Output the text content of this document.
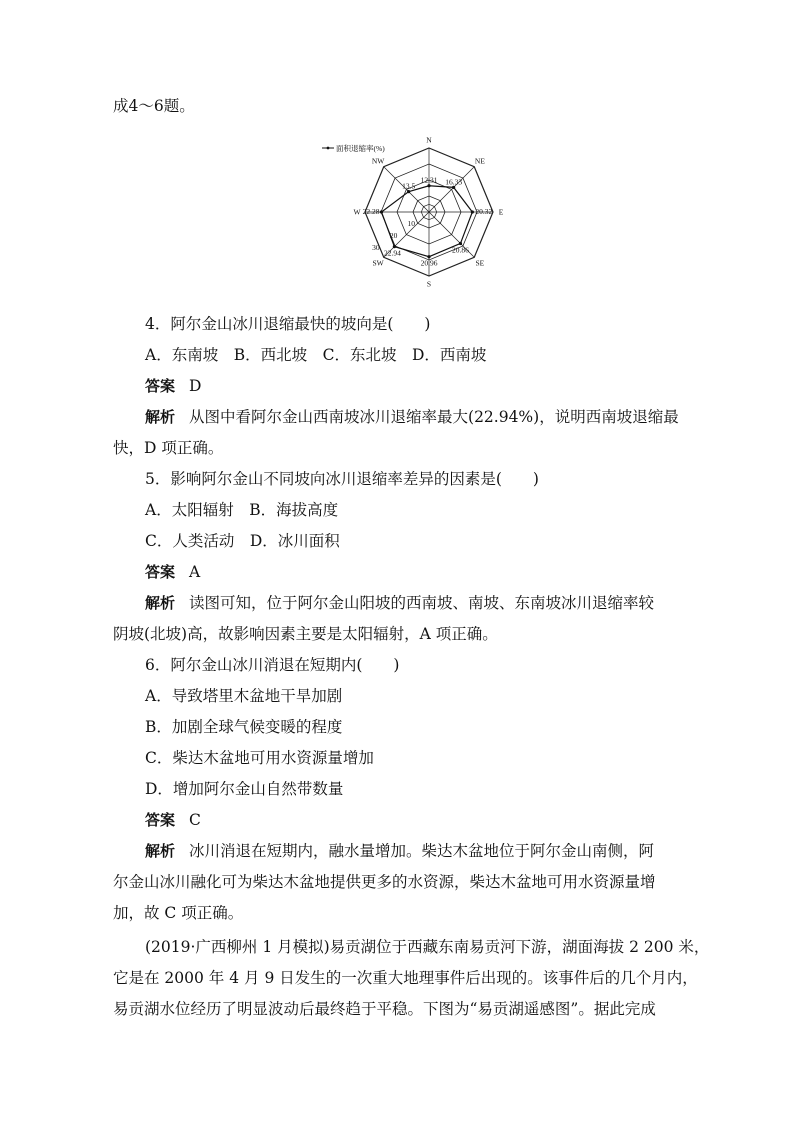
成4～6题。
面积退缩率(%)
N
NE
E
SE
S
SW
W
NW
12.31 16.33
20.32
20.86
20.96
22.94
22.28
13.5
10
20
30
4．阿尔金山冰川退缩最快的坡向是(　　)
A．东南坡　B．西北坡　C．东北坡　D．西南坡
答案 D
解析 从图中看阿尔金山西南坡冰川退缩率最大(22.94%)，说明西南坡退缩最
快，D 项正确。
5．影响阿尔金山不同坡向冰川退缩率差异的因素是(　　)
A．太阳辐射　B．海拔高度
C．人类活动　D．冰川面积
答案 A
解析 读图可知，位于阿尔金山阳坡的西南坡、南坡、东南坡冰川退缩率较
阴坡(北坡)高，故影响因素主要是太阳辐射，A 项正确。
6．阿尔金山冰川消退在短期内(　　)
A．导致塔里木盆地干旱加剧
B．加剧全球气候变暖的程度
C．柴达木盆地可用水资源量增加
D．增加阿尔金山自然带数量
答案 C
解析 冰川消退在短期内，融水量增加。柴达木盆地位于阿尔金山南侧，阿
尔金山冰川融化可为柴达木盆地提供更多的水资源，柴达木盆地可用水资源量增
加，故 C 项正确。
(2019·广西柳州 1 月模拟)易贡湖位于西藏东南易贡河下游，湖面海拔 2 200 米，
它是在 2000 年 4 月 9 日发生的一次重大地理事件后出现的。该事件后的几个月内，
易贡湖水位经历了明显波动后最终趋于平稳。下图为“易贡湖遥感图”。据此完成
